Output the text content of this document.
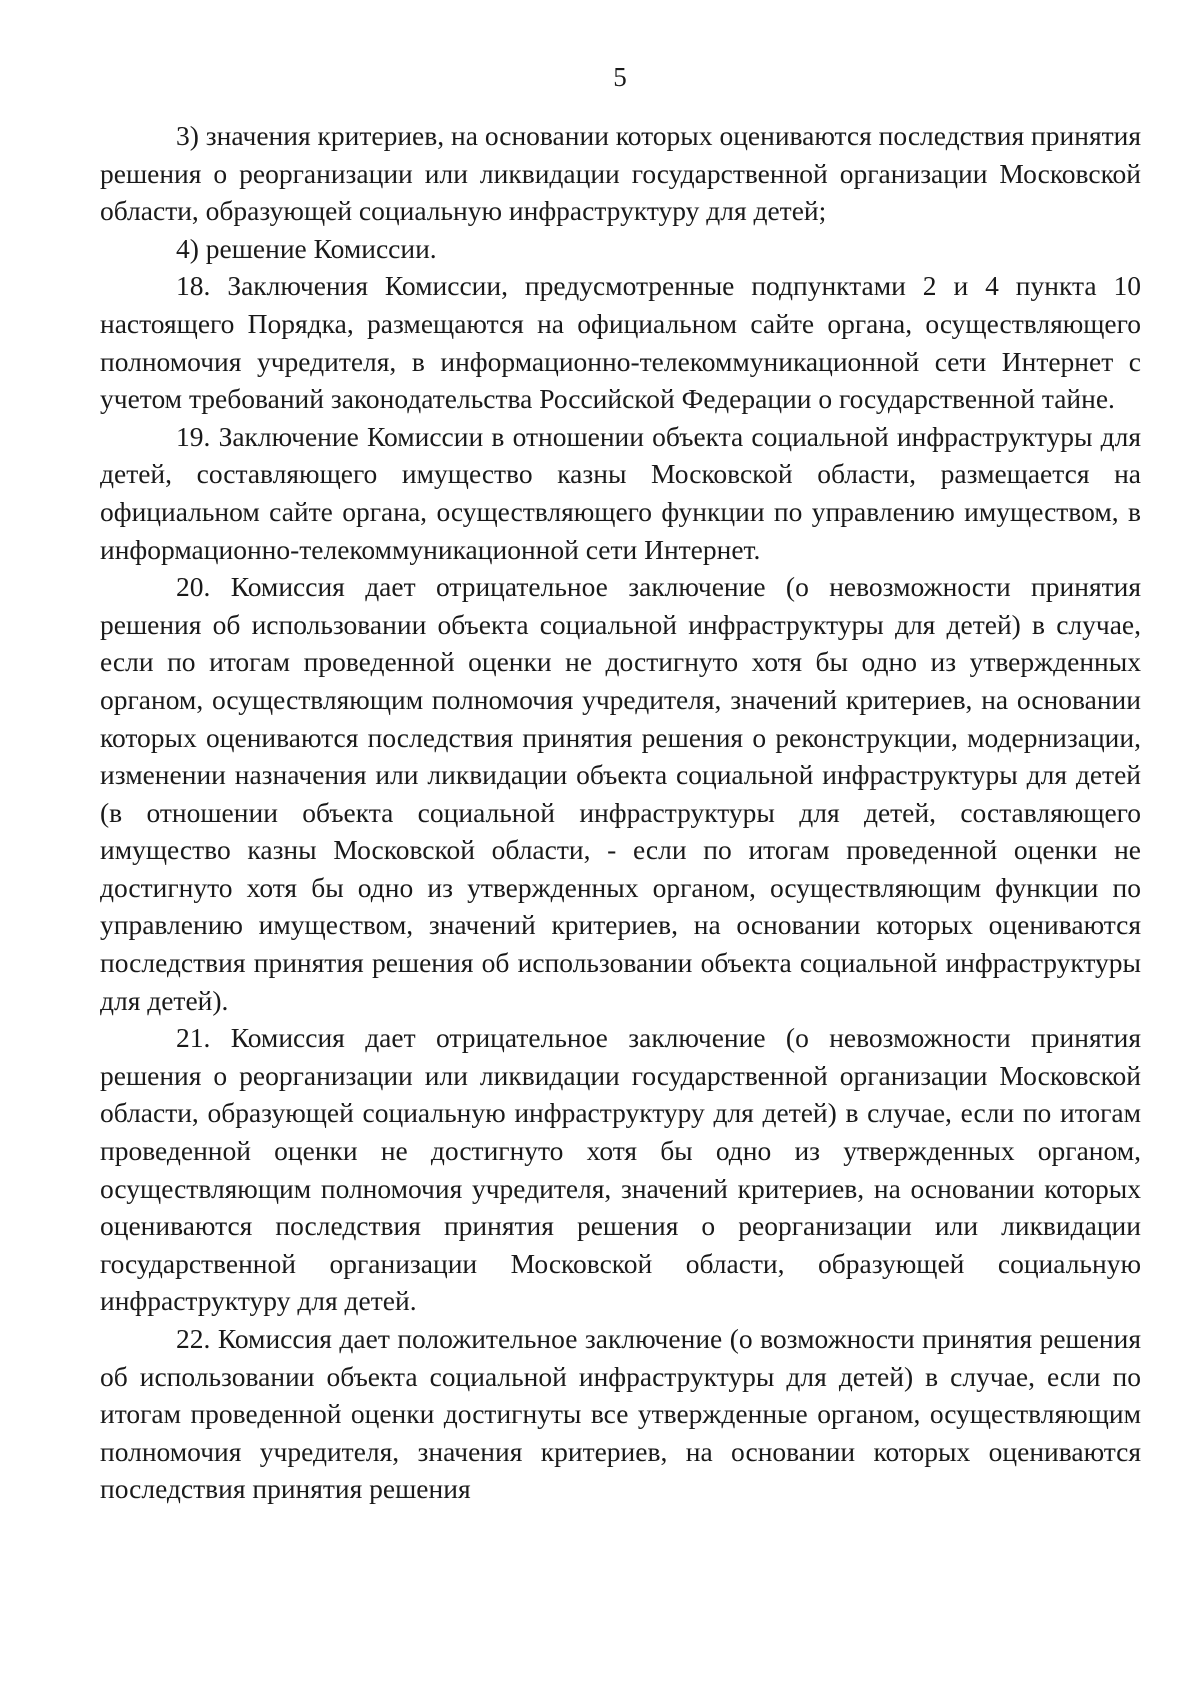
5

3) значения критериев, на основании которых оцениваются последствия принятия решения о реорганизации или ликвидации государственной организации Московской области, образующей социальную инфраструктуру для детей;

4) решение Комиссии.

18. Заключения Комиссии, предусмотренные подпунктами 2 и 4 пункта 10 настоящего Порядка, размещаются на официальном сайте органа, осуществляющего полномочия учредителя, в информационно-телекоммуникационной сети Интернет с учетом требований законодательства Российской Федерации о государственной тайне.

19. Заключение Комиссии в отношении объекта социальной инфраструктуры для детей, составляющего имущество казны Московской области, размещается на официальном сайте органа, осуществляющего функции по управлению имуществом, в информационно-телекоммуникационной сети Интернет.

20. Комиссия дает отрицательное заключение (о невозможности принятия решения об использовании объекта социальной инфраструктуры для детей) в случае, если по итогам проведенной оценки не достигнуто хотя бы одно из утвержденных органом, осуществляющим полномочия учредителя, значений критериев, на основании которых оцениваются последствия принятия решения о реконструкции, модернизации, изменении назначения или ликвидации объекта социальной инфраструктуры для детей (в отношении объекта социальной инфраструктуры для детей, составляющего имущество казны Московской области, - если по итогам проведенной оценки не достигнуто хотя бы одно из утвержденных органом, осуществляющим функции по управлению имуществом, значений критериев, на основании которых оцениваются последствия принятия решения об использовании объекта социальной инфраструктуры для детей).

21. Комиссия дает отрицательное заключение (о невозможности принятия решения о реорганизации или ликвидации государственной организации Московской области, образующей социальную инфраструктуру для детей) в случае, если по итогам проведенной оценки не достигнуто хотя бы одно из утвержденных органом, осуществляющим полномочия учредителя, значений критериев, на основании которых оцениваются последствия принятия решения о реорганизации или ликвидации государственной организации Московской области, образующей социальную инфраструктуру для детей.

22. Комиссия дает положительное заключение (о возможности принятия решения об использовании объекта социальной инфраструктуры для детей) в случае, если по итогам проведенной оценки достигнуты все утвержденные органом, осуществляющим полномочия учредителя, значения критериев, на основании которых оцениваются последствия принятия решения
